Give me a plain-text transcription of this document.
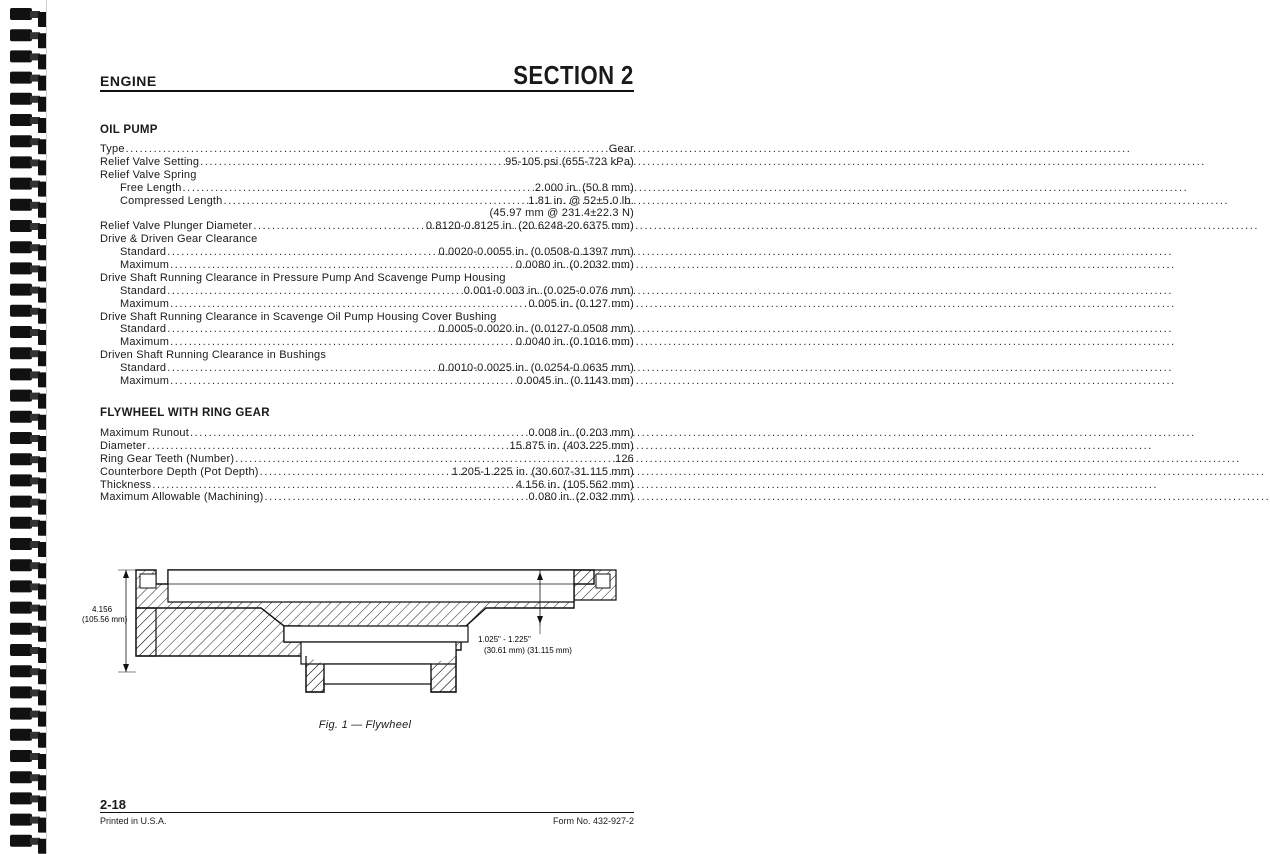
ENGINE	SECTION 2
OIL PUMP
Type .....	Gear
Relief Valve Setting .....	95-105 psi (655-723 kPa)
Relief Valve Spring
Free Length .....	2.000 in. (50.8 mm)
Compressed Length .....	1.81 in. @ 52±5.0 lb.
(45.97 mm @ 231.4±22.3 N)
Relief Valve Plunger Diameter .....	0.8120-0.8125 in. (20.6248-20.6375 mm)
Drive & Driven Gear Clearance
Standard .....	0.0020-0.0055 in. (0.0508-0.1397 mm)
Maximum .....	0.0080 in. (0.2032 mm)
Drive Shaft Running Clearance in Pressure Pump And Scavenge Pump Housing
Standard .....	0.001-0.003 in. (0.025-0.076 mm)
Maximum .....	0.005 in. (0.127 mm)
Drive Shaft Running Clearance in Scavenge Oil Pump Housing Cover Bushing
Standard .....	0.0005-0.0020 in. (0.0127-0.0508 mm)
Maximum .....	0.0040 in. (0.1016 mm)
Driven Shaft Running Clearance in Bushings
Standard .....	0.0010-0.0025 in. (0.0254-0.0635 mm)
Maximum .....	0.0045 in. (0.1143 mm)
FLYWHEEL WITH RING GEAR
Maximum Runout .....	0.008 in. (0.203 mm)
Diameter .....	15.875 in. (403.225 mm)
Ring Gear Teeth (Number) .....	126
Counterbore Depth (Pot Depth) .....	1.205-1.225 in. (30.607-31.115 mm)
Thickness .....	4.156 in. (105.562 mm)
Maximum Allowable (Machining) .....	0.080 in. (2.032 mm)
4.156
(105.56 mm)
1.025" - 1.225"
(30.61 mm) (31.115 mm)
Fig. 1 — Flywheel
2-18
Printed in U.S.A.	Form No. 432-927-2
